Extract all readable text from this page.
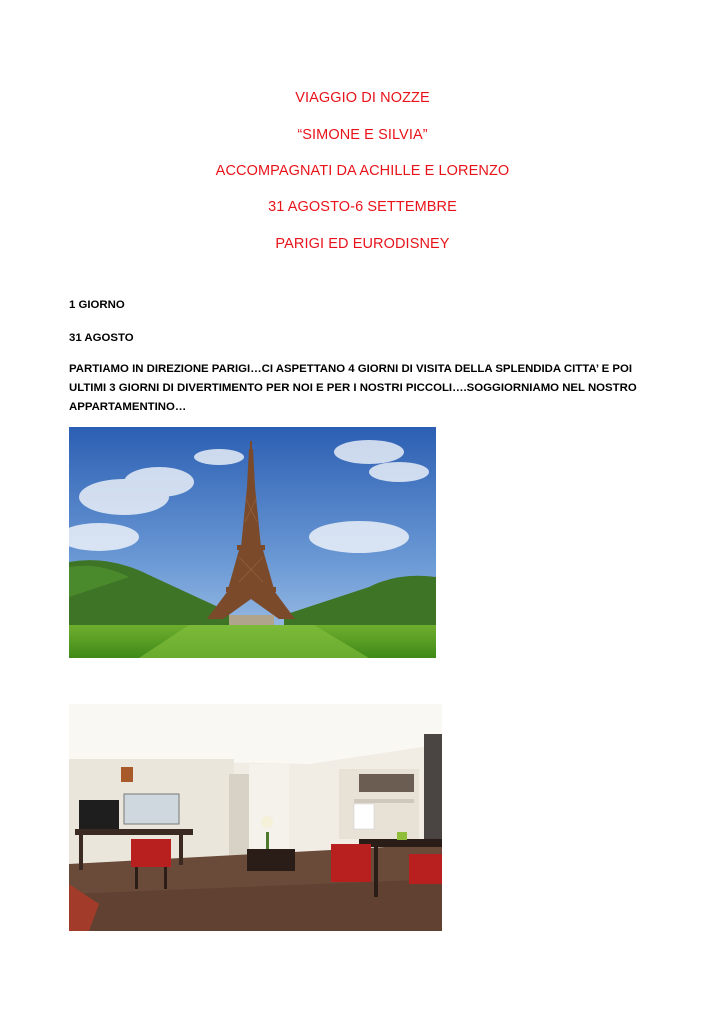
VIAGGIO DI NOZZE
“SIMONE E SILVIA”
ACCOMPAGNATI DA ACHILLE E LORENZO
31 AGOSTO-6 SETTEMBRE
PARIGI ED EURODISNEY
1 GIORNO
31 AGOSTO
PARTIAMO IN DIREZIONE PARIGI…CI ASPETTANO 4 GIORNI DI VISITA DELLA SPLENDIDA CITTA’ E POI
ULTIMI 3 GIORNI DI DIVERTIMENTO PER NOI E PER I NOSTRI PICCOLI….SOGGIORNIAMO NEL NOSTRO
APPARTAMENTINO…
